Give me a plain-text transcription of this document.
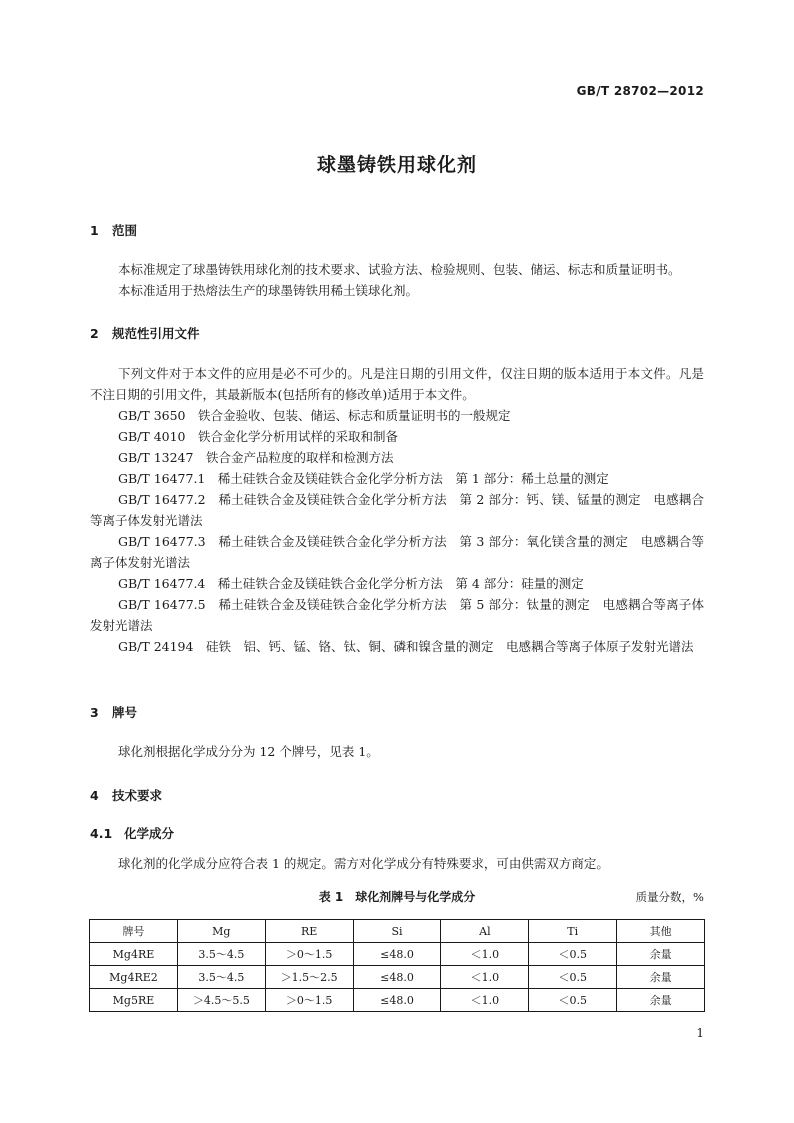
GB/T 28702—2012
球墨铸铁用球化剂
1 范围

本标准规定了球墨铸铁用球化剂的技术要求、试验方法、检验规则、包装、储运、标志和质量证明书。

本标准适用于热熔法生产的球墨铸铁用稀土镁球化剂。

2 规范性引用文件

下列文件对于本文件的应用是必不可少的。凡是注日期的引用文件，仅注日期的版本适用于本文件。凡是不注日期的引用文件，其最新版本(包括所有的修改单)适用于本文件。

GB/T 3650　铁合金验收、包装、储运、标志和质量证明书的一般规定

GB/T 4010　铁合金化学分析用试样的采取和制备

GB/T 13247　铁合金产品粒度的取样和检测方法

GB/T 16477.1　稀土硅铁合金及镁硅铁合金化学分析方法　第 1 部分：稀土总量的测定

GB/T 16477.2　稀土硅铁合金及镁硅铁合金化学分析方法　第 2 部分：钙、镁、锰量的测定　电感耦合等离子体发射光谱法

GB/T 16477.3　稀土硅铁合金及镁硅铁合金化学分析方法　第 3 部分：氧化镁含量的测定　电感耦合等离子体发射光谱法

GB/T 16477.4　稀土硅铁合金及镁硅铁合金化学分析方法　第 4 部分：硅量的测定

GB/T 16477.5　稀土硅铁合金及镁硅铁合金化学分析方法　第 5 部分：钛量的测定　电感耦合等离子体发射光谱法

GB/T 24194　硅铁　铝、钙、锰、铬、钛、铜、磷和镍含量的测定　电感耦合等离子体原子发射光谱法

3 牌号

球化剂根据化学成分分为 12 个牌号，见表 1。

4 技术要求
4.1 化学成分

球化剂的化学成分应符合表 1 的规定。需方对化学成分有特殊要求，可由供需双方商定。

表 1　球化剂牌号与化学成分	质量分数，%
牌号	Mg	RE	Si	Al	Ti	其他
Mg4RE	3.5～4.5	＞0～1.5	≤48.0	＜1.0	＜0.5	余量
Mg4RE2	3.5～4.5	＞1.5～2.5	≤48.0	＜1.0	＜0.5	余量
Mg5RE	＞4.5～5.5	＞0～1.5	≤48.0	＜1.0	＜0.5	余量
1
